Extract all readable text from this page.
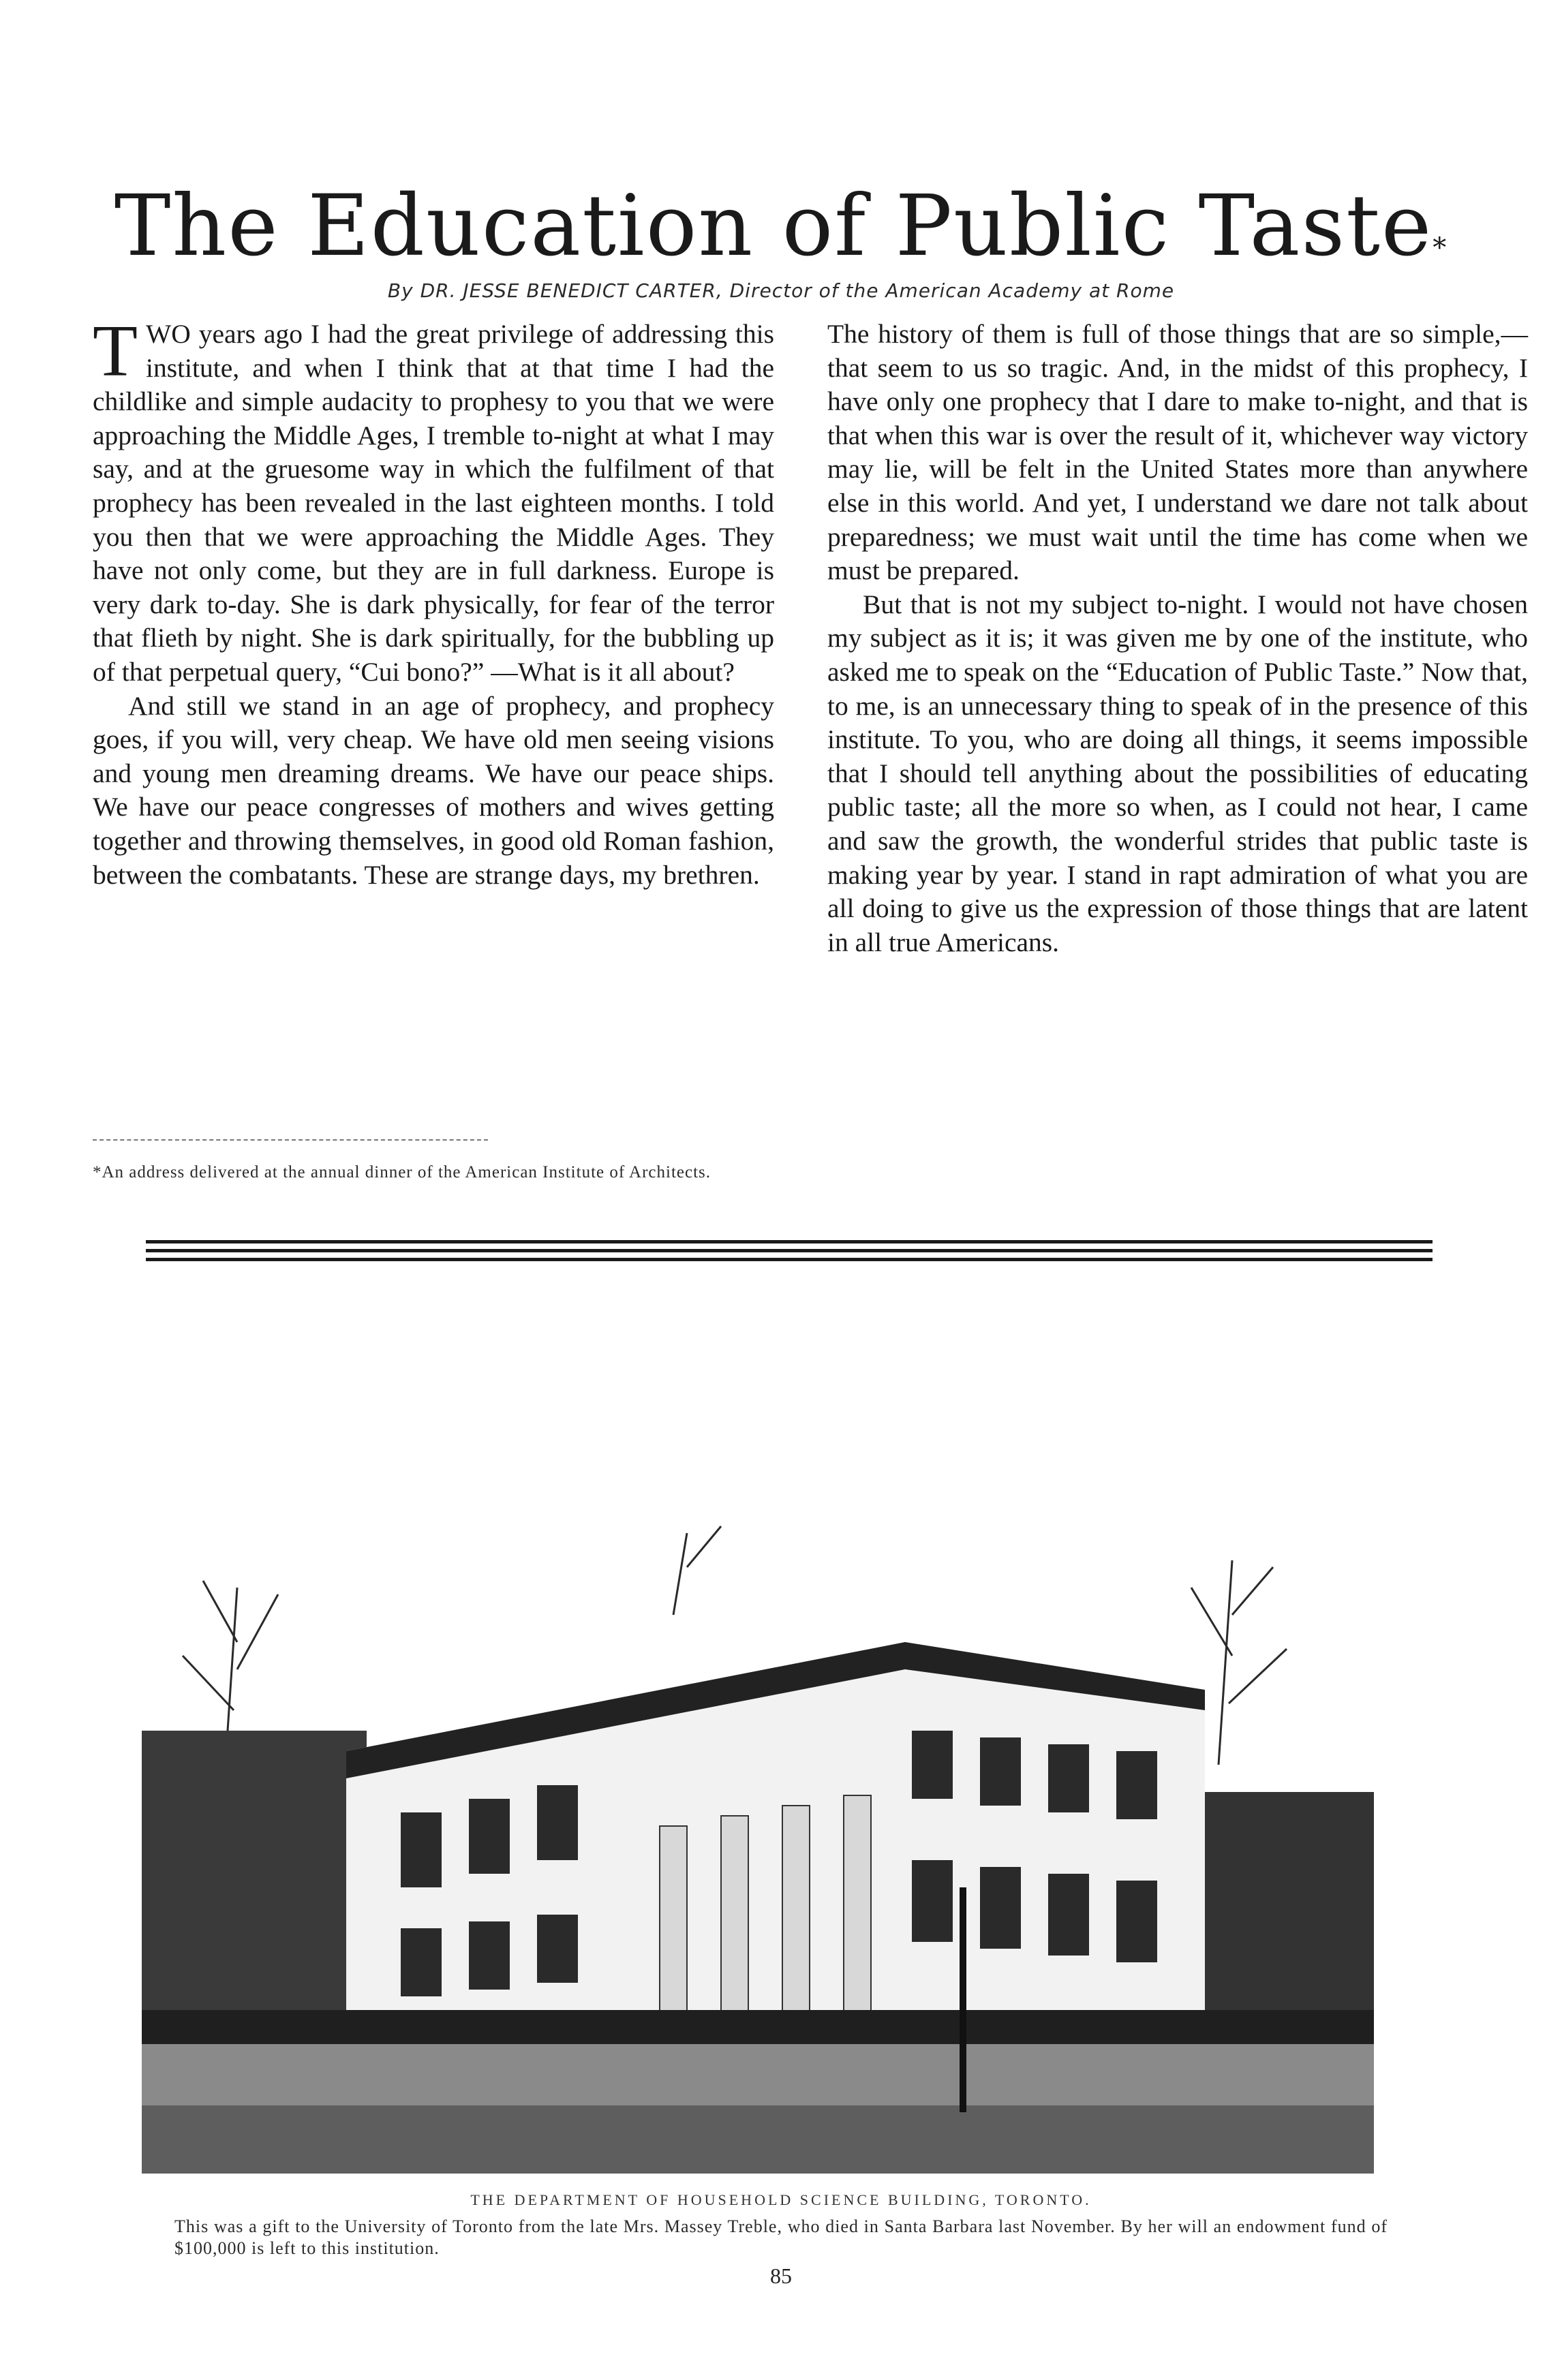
The Education of Public Taste*
By DR. JESSE BENEDICT CARTER, Director of the American Academy at Rome

TWO years ago I had the great privilege of addressing this institute, and when I think that at that time I had the childlike and simple audacity to prophesy to you that we were approaching the Middle Ages, I tremble to-night at what I may say, and at the gruesome way in which the fulfilment of that prophecy has been revealed in the last eighteen months. I told you then that we were approaching the Middle Ages. They have not only come, but they are in full darkness. Europe is very dark to-day. She is dark physically, for fear of the terror that flieth by night. She is dark spiritually, for the bubbling up of that perpetual query, “Cui bono?” —What is it all about?

And still we stand in an age of prophecy, and prophecy goes, if you will, very cheap. We have old men seeing visions and young men dreaming dreams. We have our peace ships. We have our peace congresses of mothers and wives getting together and throwing themselves, in good old Roman fashion, between the combatants. These are strange days, my brethren.

*An address delivered at the annual dinner of the American Institute of Architects.

The history of them is full of those things that are so simple,—that seem to us so tragic. And, in the midst of this prophecy, I have only one prophecy that I dare to make to-night, and that is that when this war is over the result of it, whichever way victory may lie, will be felt in the United States more than anywhere else in this world. And yet, I understand we dare not talk about preparedness; we must wait until the time has come when we must be prepared.

But that is not my subject to-night. I would not have chosen my subject as it is; it was given me by one of the institute, who asked me to speak on the “Education of Public Taste.” Now that, to me, is an unnecessary thing to speak of in the presence of this institute. To you, who are doing all things, it seems impossible that I should tell anything about the possibilities of educating public taste; all the more so when, as I could not hear, I came and saw the growth, the wonderful strides that public taste is making year by year. I stand in rapt admiration of what you are all doing to give us the expression of those things that are latent in all true Americans.

THE DEPARTMENT OF HOUSEHOLD SCIENCE BUILDING, TORONTO.
This was a gift to the University of Toronto from the late Mrs. Massey Treble, who died in Santa Barbara last November. By her will an endowment fund of $100,000 is left to this institution.
85
